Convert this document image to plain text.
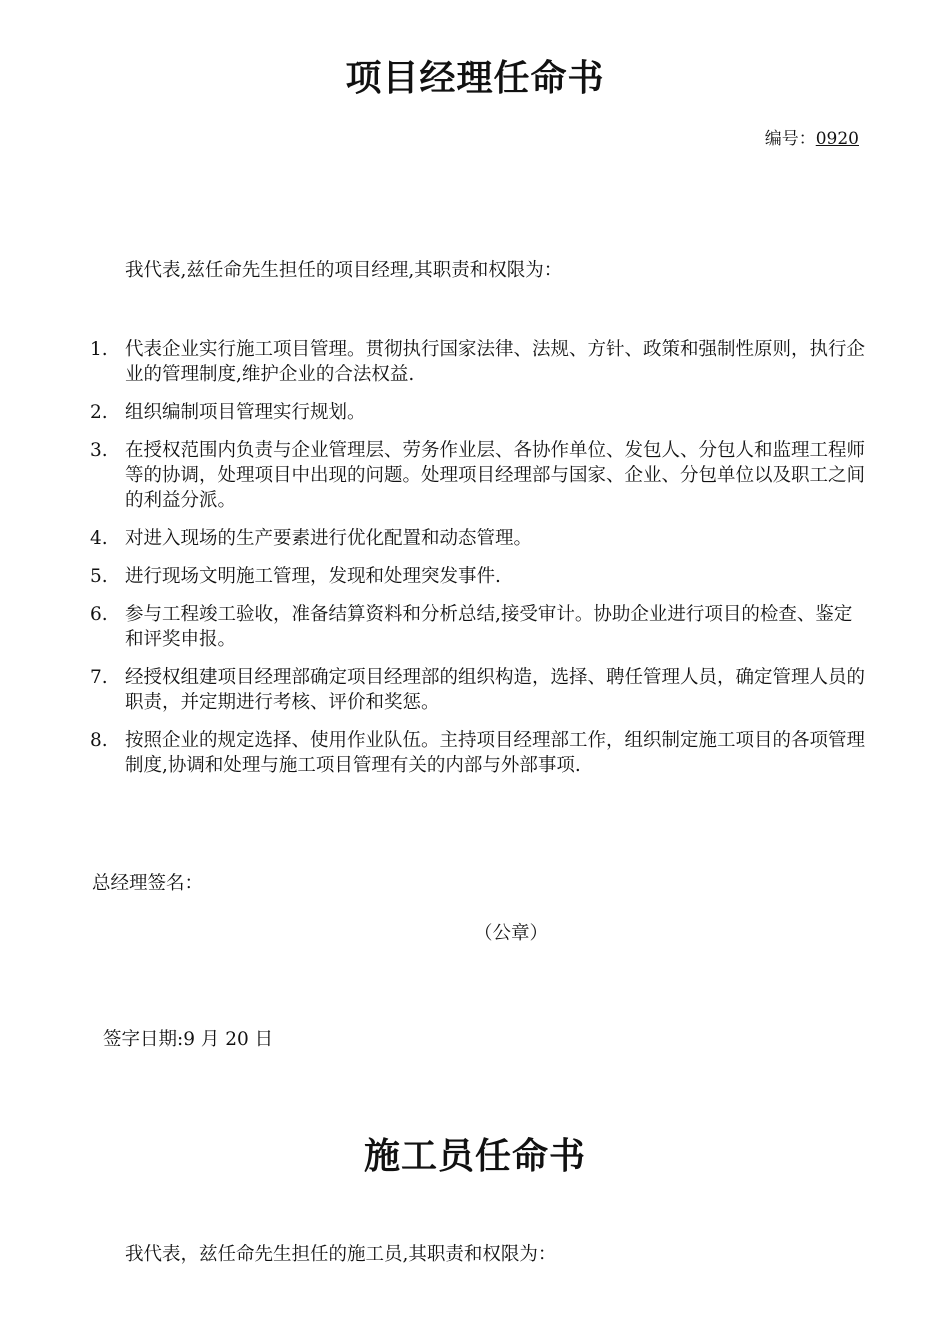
项目经理任命书
编号：0920

我代表,兹任命先生担任的项目经理,其职责和权限为：

1. 代表企业实行施工项目管理。贯彻执行国家法律、法规、方针、政策和强制性原则，执行企业的管理制度,维护企业的合法权益.
2. 组织编制项目管理实行规划。
3. 在授权范围内负责与企业管理层、劳务作业层、各协作单位、发包人、分包人和监理工程师等的协调，处理项目中出现的问题。处理项目经理部与国家、企业、分包单位以及职工之间的利益分派。
4. 对进入现场的生产要素进行优化配置和动态管理。
5. 进行现场文明施工管理，发现和处理突发事件.
6. 参与工程竣工验收，准备结算资料和分析总结,接受审计。协助企业进行项目的检查、鉴定和评奖申报。
7. 经授权组建项目经理部确定项目经理部的组织构造，选择、聘任管理人员，确定管理人员的职责，并定期进行考核、评价和奖惩。
8. 按照企业的规定选择、使用作业队伍。主持项目经理部工作，组织制定施工项目的各项管理制度,协调和处理与施工项目管理有关的内部与外部事项.
总经理签名：
（公章）
签字日期:9 月 20 日
施工员任命书

我代表，兹任命先生担任的施工员,其职责和权限为：
